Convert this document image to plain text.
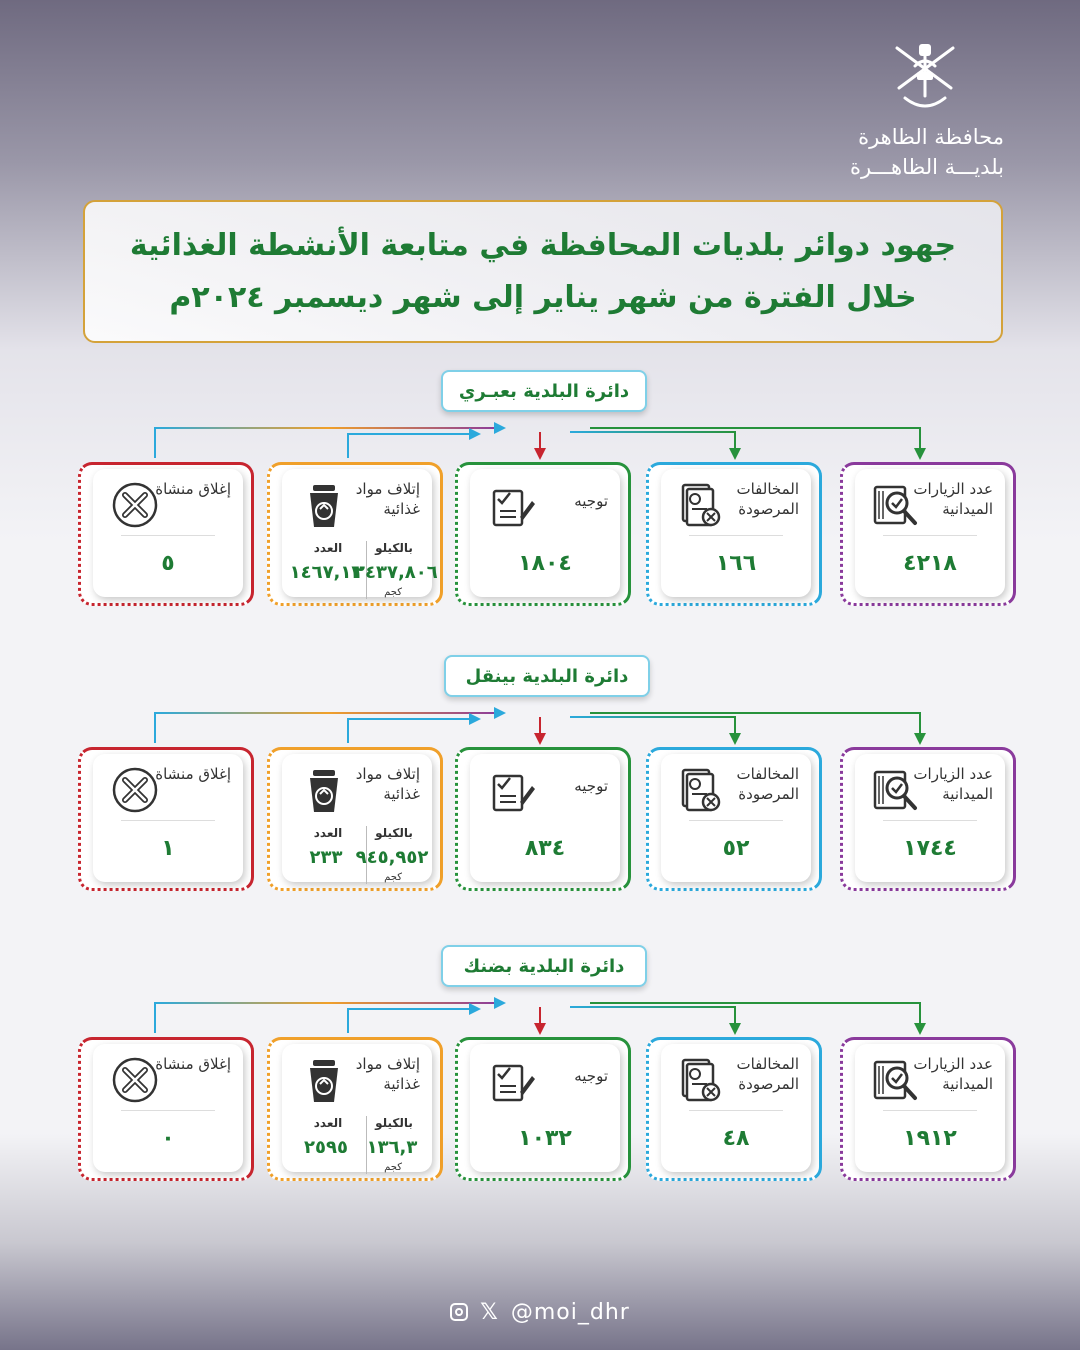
محافظة الظاهرة
بلديـــة الظاهـــرة
جهود دوائر بلديات المحافظة في متابعة الأنشطة الغذائية
خلال الفترة من شهر يناير إلى شهر ديسمبر ٢٠٢٤م
دائرة البلدية بعبـري
عدد الزيارات الميدانية
٤٢١٨
المخالفات المرصودة
١٦٦
توجيه
١٨٠٤
إتلاف مواد غذائية
بالكيلو
العدد
٢٤٣٧,٨٠٦
١٤٦٧,١٣
كجم
إغلاق منشاة
٥
دائرة البلدية بينقل
عدد الزيارات الميدانية
١٧٤٤
المخالفات المرصودة
٥٢
توجيه
٨٣٤
إتلاف مواد غذائية
بالكيلو
العدد
٩٤٥,٩٥٢
٢٣٣
كجم
إغلاق منشاة
١
دائرة البلدية بضنك
عدد الزيارات الميدانية
١٩١٢
المخالفات المرصودة
٤٨
توجيه
١٠٣٢
إتلاف مواد غذائية
بالكيلو
العدد
١٣٦,٣
٢٥٩٥
كجم
إغلاق منشاة
٠
𝕏 @moi_dhr
